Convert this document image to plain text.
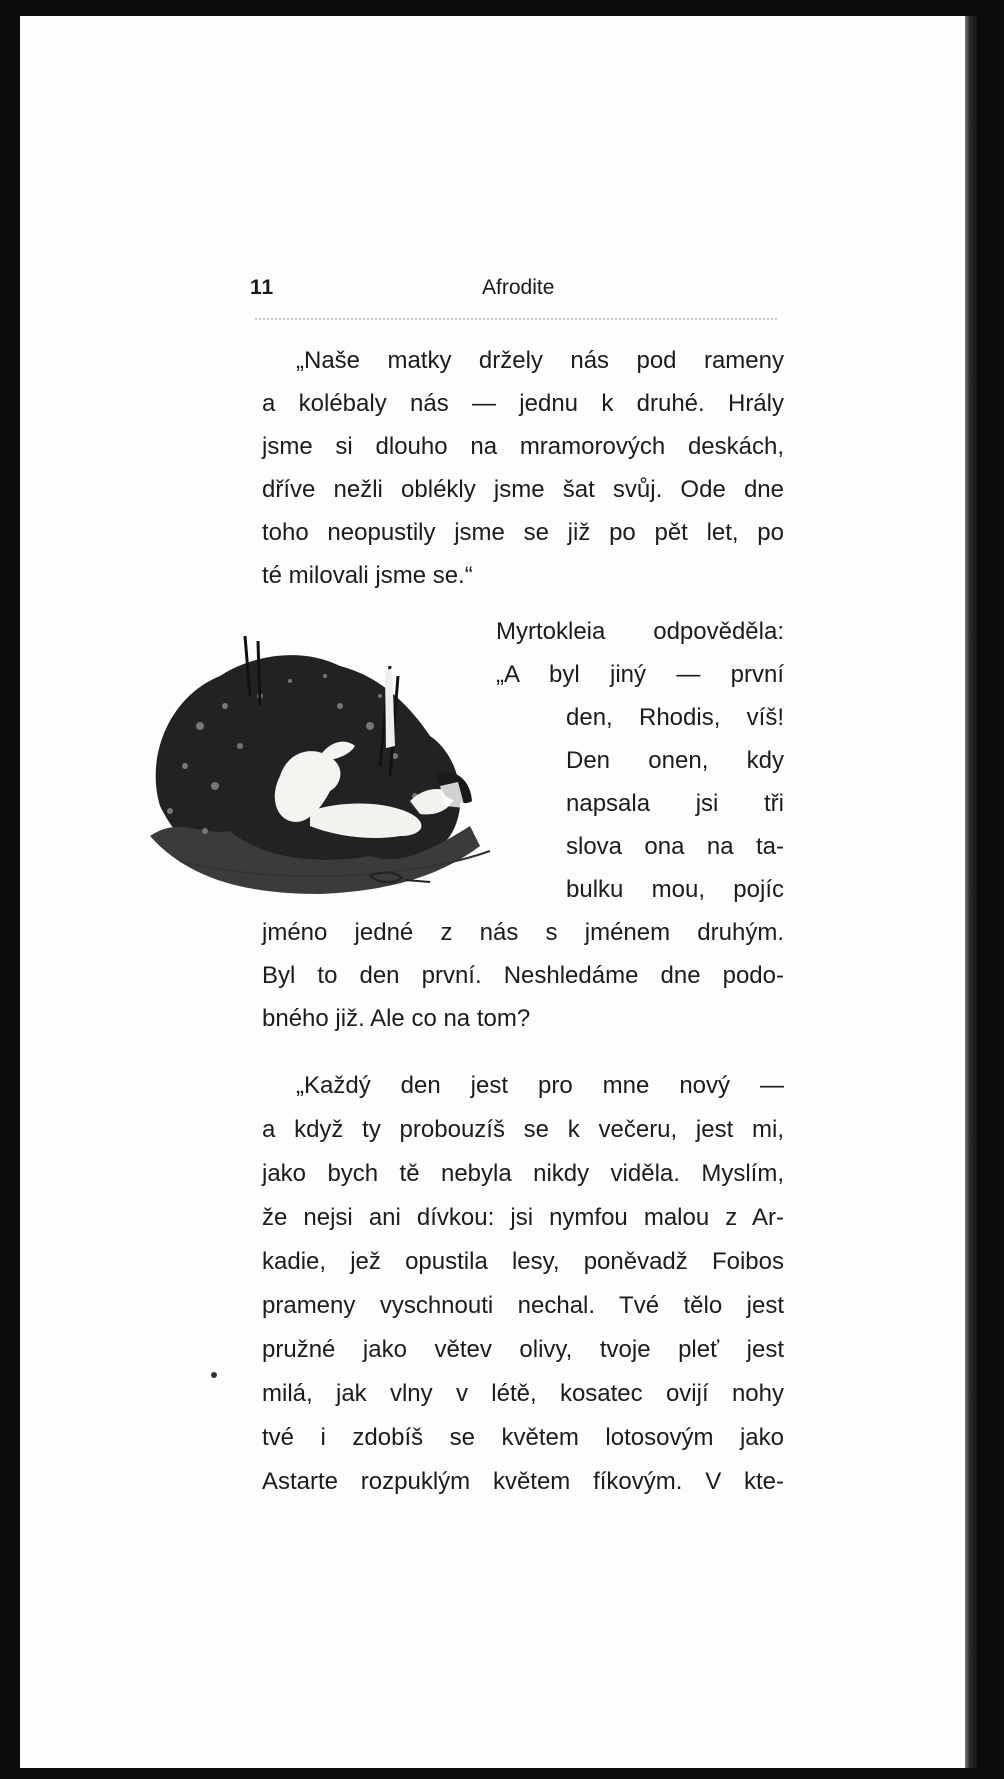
11	Afrodite
„Naše matky držely nás pod rameny
a kolébaly nás — jednu k druhé. Hrály
jsme si dlouho na mramorových deskách,
dříve nežli oblékly jsme šat svůj. Ode dne
toho neopustily jsme se již po pět let, po
té milovali jsme se.“
Myrtokleia odpověděla:
„A byl jiný — první
den, Rhodis, víš!
Den onen, kdy
napsala jsi tři
slova ona na ta-
bulku mou, pojíc
jméno jedné z nás s jménem druhým.
Byl to den první. Neshledáme dne podo-
bného již. Ale co na tom?
„Každý den jest pro mne nový —
a když ty probouzíš se k večeru, jest mi,
jako bych tě nebyla nikdy viděla. Myslím,
že nejsi ani dívkou: jsi nymfou malou z Ar-
kadie, jež opustila lesy, poněvadž Foibos
prameny vyschnouti nechal. Tvé tělo jest
pružné jako větev olivy, tvoje pleť jest
milá, jak vlny v létě, kosatec ovijí nohy
tvé i zdobíš se květem lotosovým jako
Astarte rozpuklým květem fíkovým. V kte-
